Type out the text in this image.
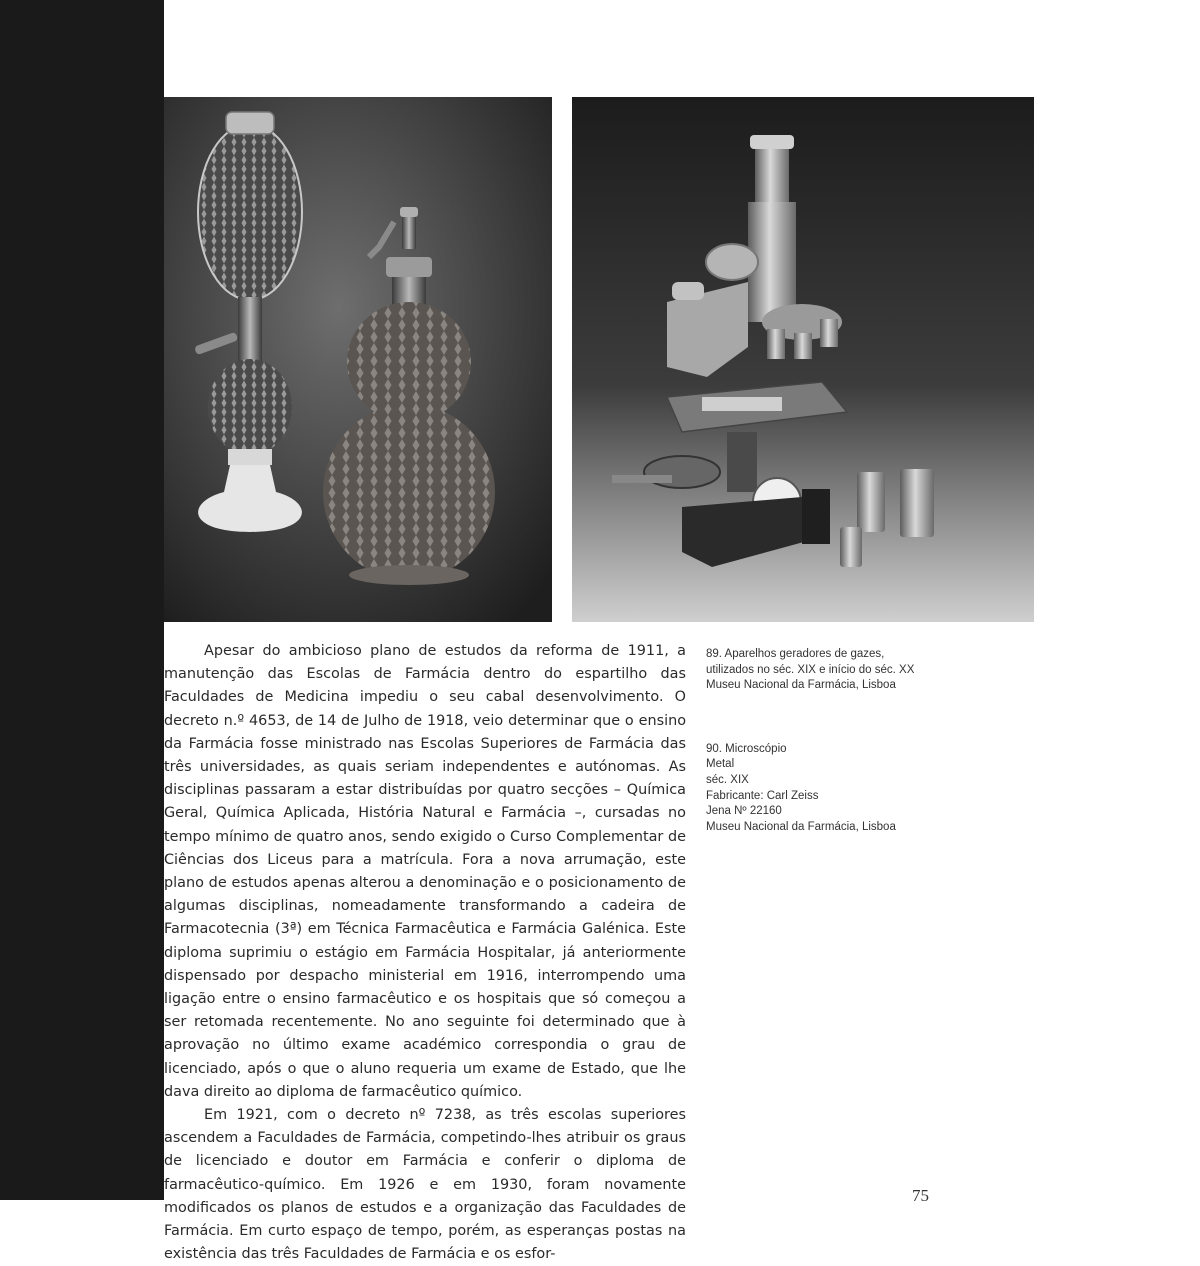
Apesar do ambicioso plano de estudos da reforma de 1911, a manutenção das Escolas de Farmácia dentro do espartilho das Faculdades de Medicina impediu o seu cabal desenvolvimento. O decreto n.º 4653, de 14 de Julho de 1918, veio determinar que o ensino da Farmácia fosse ministrado nas Escolas Superiores de Farmácia das três universidades, as quais seriam independentes e autónomas. As disciplinas passaram a estar distribuídas por quatro secções – Química Geral, Química Aplicada, História Natural e Farmácia –, cursadas no tempo mínimo de quatro anos, sendo exigido o Curso Complementar de Ciências dos Liceus para a matrícula. Fora a nova arrumação, este plano de estudos apenas alterou a denominação e o posicionamento de algumas disciplinas, nomeadamente transformando a cadeira de Farmacotecnia (3ª) em Técnica Farmacêutica e Farmácia Galénica. Este diploma suprimiu o estágio em Farmácia Hospitalar, já anteriormente dispensado por despacho ministerial em 1916, interrompendo uma ligação entre o ensino farmacêutico e os hospitais que só começou a ser retomada recentemente. No ano seguinte foi determinado que à aprovação no último exame académico correspondia o grau de licenciado, após o que o aluno requeria um exame de Estado, que lhe dava direito ao diploma de farmacêutico químico.

Em 1921, com o decreto nº 7238, as três escolas superiores ascendem a Faculdades de Farmácia, competindo-lhes atribuir os graus de licenciado e doutor em Farmácia e conferir o diploma de farmacêutico-químico. Em 1926 e em 1930, foram novamente modificados os planos de estudos e a organização das Faculdades de Farmácia. Em curto espaço de tempo, porém, as esperanças postas na existência das três Faculdades de Farmácia e os esfor-

89. Aparelhos geradores de gazes,
utilizados no séc. XIX e início do séc. XX
Museu Nacional da Farmácia, Lisboa
90. Microscópio
Metal
séc. XIX
Fabricante: Carl Zeiss
Jena Nº 22160
Museu Nacional da Farmácia, Lisboa
75
